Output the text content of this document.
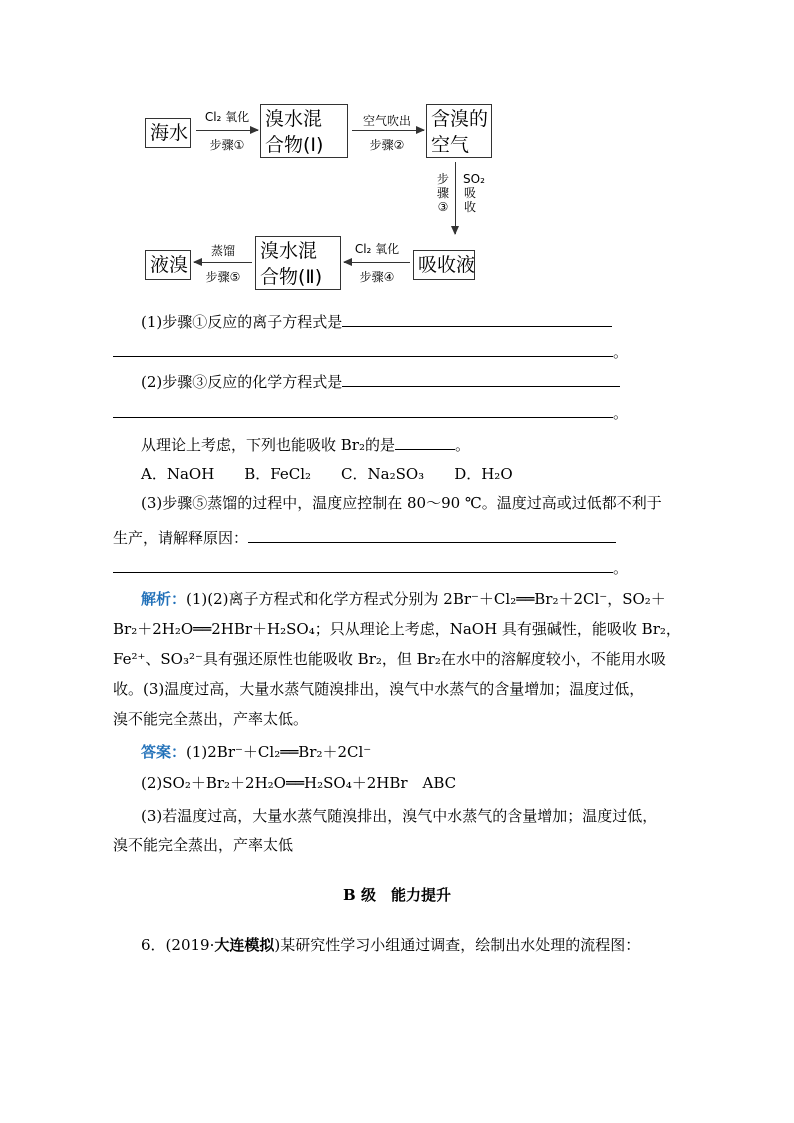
海水
Cl₂ 氧化
步骤①
溴水混
合物(Ⅰ)
空气吹出
步骤②
含溴的
空气
步骤③
SO₂吸收
吸收液
Cl₂ 氧化
步骤④
溴水混
合物(Ⅱ)
蒸馏
步骤⑤
液溴
(1)步骤①反应的离子方程式是
。
(2)步骤③反应的化学方程式是
。
从理论上考虑，下列也能吸收 Br₂的是	。
A．NaOH　　B．FeCl₂　　C．Na₂SO₃　　D．H₂O
(3)步骤⑤蒸馏的过程中，温度应控制在 80～90 ℃。温度过高或过低都不利于
生产，请解释原因：
。
解析：(1)(2)离子方程式和化学方程式分别为 2Br⁻＋Cl₂══Br₂＋2Cl⁻，SO₂＋
Br₂＋2H₂O══2HBr＋H₂SO₄；只从理论上考虑，NaOH 具有强碱性，能吸收 Br₂，
Fe²⁺、SO₃²⁻具有强还原性也能吸收 Br₂，但 Br₂在水中的溶解度较小，不能用水吸
收。(3)温度过高，大量水蒸气随溴排出，溴气中水蒸气的含量增加；温度过低，
溴不能完全蒸出，产率太低。
答案：(1)2Br⁻＋Cl₂══Br₂＋2Cl⁻
(2)SO₂＋Br₂＋2H₂O══H₂SO₄＋2HBr　ABC
(3)若温度过高，大量水蒸气随溴排出，溴气中水蒸气的含量增加；温度过低，
溴不能完全蒸出，产率太低
B 级　能力提升
6．(2019·大连模拟)某研究性学习小组通过调查，绘制出水处理的流程图：
